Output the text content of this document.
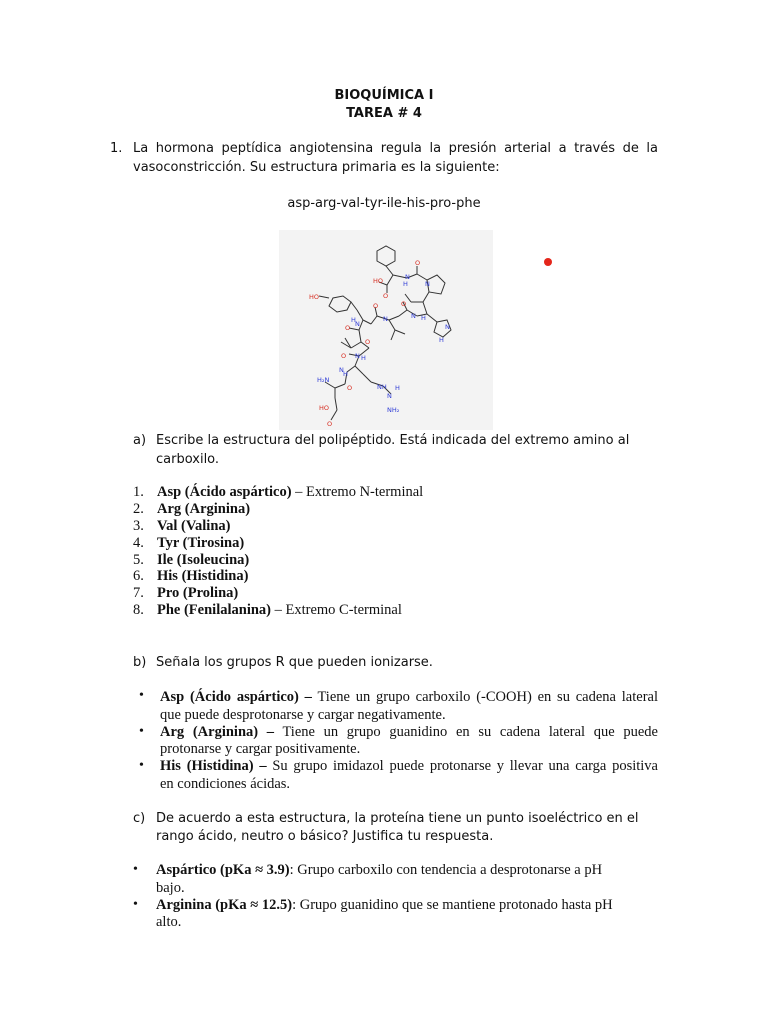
BIOQUÍMICA I
TAREA # 4
1. La hormona peptídica angiotensina regula la presión arterial a través de la
vasoconstricción. Su estructura primaria es la siguiente:
asp-arg-val-tyr-ile-his-pro-phe
HO
O
H
N
O
N
HO
N
O
H
N
O
H
N
O N
H
O
H
N
O
H
N
H₂N
O
HO
O
N
NH H
NH₂
a) Escribe la estructura del polipéptido. Está indicada del extremo amino al
carboxilo.
1. Asp (Ácido aspártico) – Extremo N-terminal
2. Arg (Arginina)
3. Val (Valina)
4. Tyr (Tirosina)
5. Ile (Isoleucina)
6. His (Histidina)
7. Pro (Prolina)
8. Phe (Fenilalanina) – Extremo C-terminal
b) Señala los grupos R que pueden ionizarse.
• Asp (Ácido aspártico) – Tiene un grupo carboxilo (-COOH) en su cadena lateral
que puede desprotonarse y cargar negativamente.
• Arg (Arginina) – Tiene un grupo guanidino en su cadena lateral que puede
protonarse y cargar positivamente.
• His (Histidina) – Su grupo imidazol puede protonarse y llevar una carga positiva
en condiciones ácidas.
c) De acuerdo a esta estructura, la proteína tiene un punto isoeléctrico en el
rango ácido, neutro o básico? Justifica tu respuesta.
• Aspártico (pKa ≈ 3.9): Grupo carboxilo con tendencia a desprotonarse a pH
bajo.
• Arginina (pKa ≈ 12.5): Grupo guanidino que se mantiene protonado hasta pH
alto.
